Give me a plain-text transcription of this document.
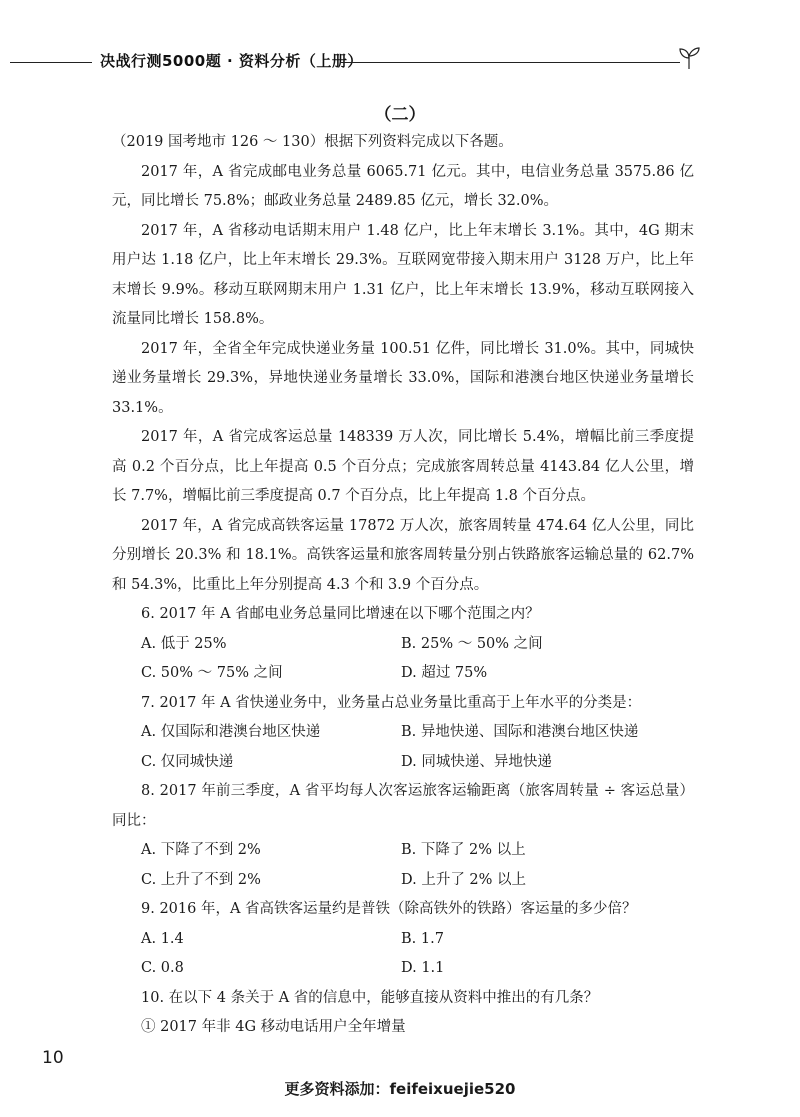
决战行测5000题 · 资料分析（上册）
（二）

（2019 国考地市 126 ～ 130）根据下列资料完成以下各题。

2017 年，A 省完成邮电业务总量 6065.71 亿元。其中，电信业务总量 3575.86 亿元，同比增长 75.8%；邮政业务总量 2489.85 亿元，增长 32.0%。

2017 年，A 省移动电话期末用户 1.48 亿户，比上年末增长 3.1%。其中，4G 期末用户达 1.18 亿户，比上年末增长 29.3%。互联网宽带接入期末用户 3128 万户，比上年末增长 9.9%。移动互联网期末用户 1.31 亿户，比上年末增长 13.9%，移动互联网接入流量同比增长 158.8%。

2017 年，全省全年完成快递业务量 100.51 亿件，同比增长 31.0%。其中，同城快递业务量增长 29.3%，异地快递业务量增长 33.0%，国际和港澳台地区快递业务量增长 33.1%。

2017 年，A 省完成客运总量 148339 万人次，同比增长 5.4%，增幅比前三季度提高 0.2 个百分点，比上年提高 0.5 个百分点；完成旅客周转总量 4143.84 亿人公里，增长 7.7%，增幅比前三季度提高 0.7 个百分点，比上年提高 1.8 个百分点。

2017 年，A 省完成高铁客运量 17872 万人次，旅客周转量 474.64 亿人公里，同比分别增长 20.3% 和 18.1%。高铁客运量和旅客周转量分别占铁路旅客运输总量的 62.7% 和 54.3%，比重比上年分别提高 4.3 个和 3.9 个百分点。

6. 2017 年 A 省邮电业务总量同比增速在以下哪个范围之内？

A. 低于 25%	B. 25% ～ 50% 之间
C. 50% ～ 75% 之间	D. 超过 75%

7. 2017 年 A 省快递业务中，业务量占总业务量比重高于上年水平的分类是：

A. 仅国际和港澳台地区快递	B. 异地快递、国际和港澳台地区快递
C. 仅同城快递	D. 同城快递、异地快递

8. 2017 年前三季度，A 省平均每人次客运旅客运输距离（旅客周转量 ÷ 客运总量）同比：

A. 下降了不到 2%	B. 下降了 2% 以上
C. 上升了不到 2%	D. 上升了 2% 以上

9. 2016 年，A 省高铁客运量约是普铁（除高铁外的铁路）客运量的多少倍？

A. 1.4	B. 1.7
C. 0.8	D. 1.1

10. 在以下 4 条关于 A 省的信息中，能够直接从资料中推出的有几条？

① 2017 年非 4G 移动电话用户全年增量

10
更多资料添加：feifeixuejie520
